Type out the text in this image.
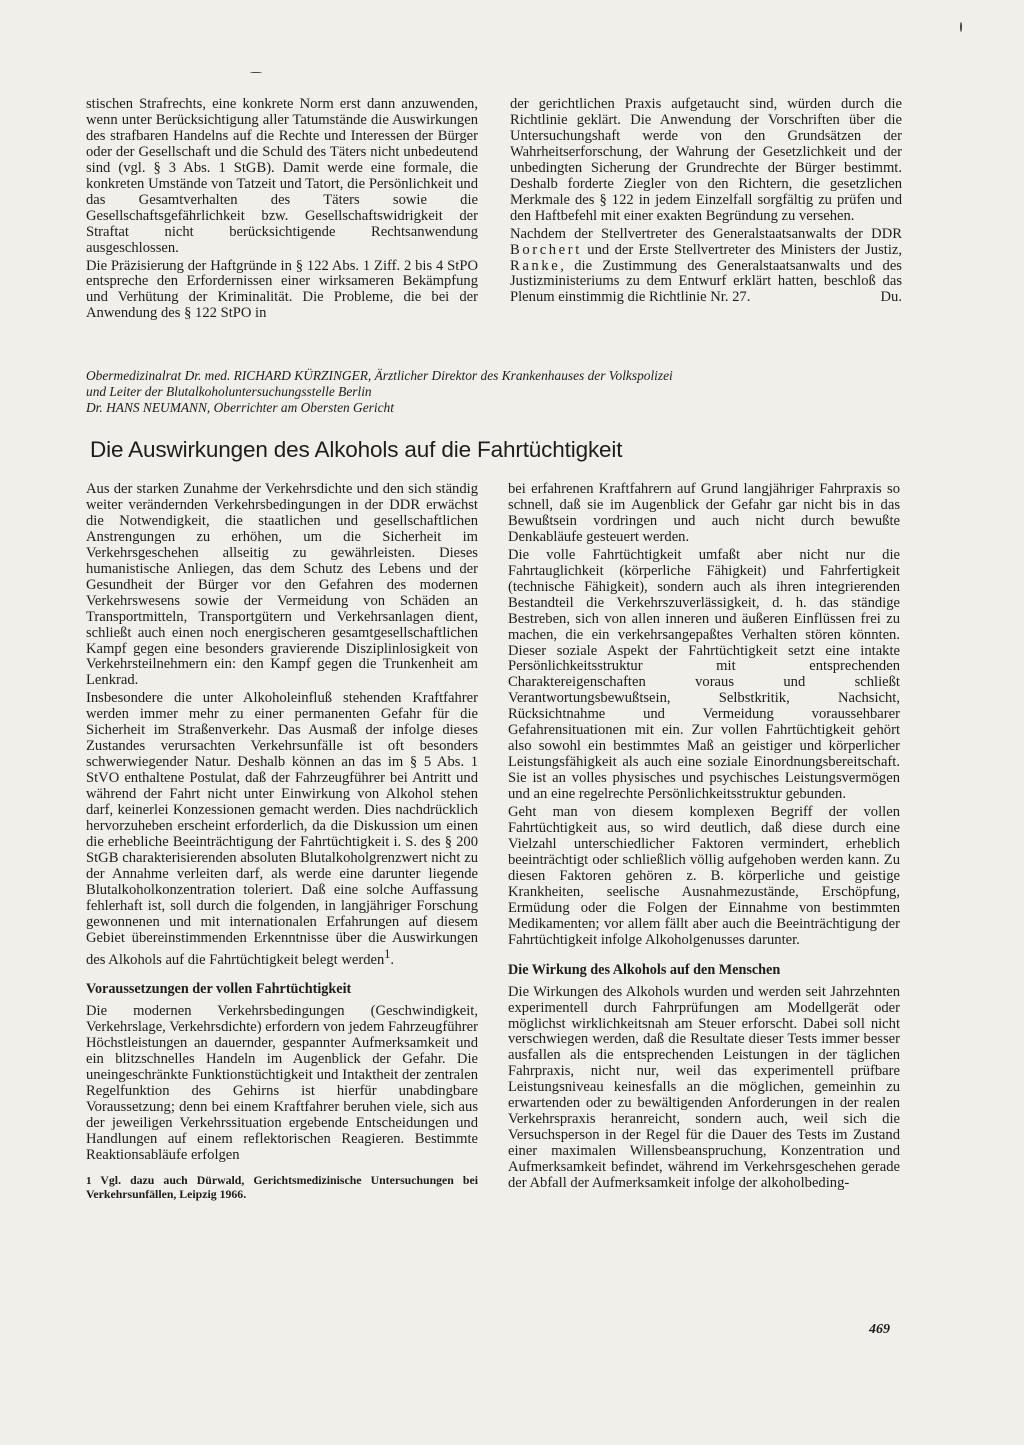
stischen Strafrechts, eine konkrete Norm erst dann anzuwenden, wenn unter Berücksichtigung aller Tatumstände die Auswirkungen des strafbaren Handelns auf die Rechte und Interessen der Bürger oder der Gesellschaft und die Schuld des Täters nicht unbedeutend sind (vgl. § 3 Abs. 1 StGB). Damit werde eine formale, die konkreten Umstände von Tatzeit und Tatort, die Persönlichkeit und das Gesamtverhalten des Täters sowie die Gesellschaftsgefährlichkeit bzw. Gesellschaftswidrigkeit der Straftat nicht berücksichtigende Rechtsanwendung ausgeschlossen.

Die Präzisierung der Haftgründe in § 122 Abs. 1 Ziff. 2 bis 4 StPO entspreche den Erfordernissen einer wirksameren Bekämpfung und Verhütung der Kriminalität. Die Probleme, die bei der Anwendung des § 122 StPO in

der gerichtlichen Praxis aufgetaucht sind, würden durch die Richtlinie geklärt. Die Anwendung der Vorschriften über die Untersuchungshaft werde von den Grundsätzen der Wahrheitserforschung, der Wahrung der Gesetzlichkeit und der unbedingten Sicherung der Grundrechte der Bürger bestimmt. Deshalb forderte Ziegler von den Richtern, die gesetzlichen Merkmale des § 122 in jedem Einzelfall sorgfältig zu prüfen und den Haftbefehl mit einer exakten Begründung zu versehen.

Nachdem der Stellvertreter des Generalstaatsanwalts der DDR Borchert und der Erste Stellvertreter des Ministers der Justiz, Ranke, die Zustimmung des Generalstaatsanwalts und des Justizministeriums zu dem Entwurf erklärt hatten, beschloß das Plenum einstimmig die Richtlinie Nr. 27.	Du.

Obermedizinalrat Dr. med. RICHARD KÜRZINGER, Ärztlicher Direktor des Krankenhauses der Volkspolizei
und Leiter der Blutalkoholuntersuchungsstelle Berlin
Dr. HANS NEUMANN, Oberrichter am Obersten Gericht
Die Auswirkungen des Alkohols auf die Fahrtüchtigkeit

Aus der starken Zunahme der Verkehrsdichte und den sich ständig weiter verändernden Verkehrsbedingungen in der DDR erwächst die Notwendigkeit, die staatlichen und gesellschaftlichen Anstrengungen zu erhöhen, um die Sicherheit im Verkehrsgeschehen allseitig zu gewährleisten. Dieses humanistische Anliegen, das dem Schutz des Lebens und der Gesundheit der Bürger vor den Gefahren des modernen Verkehrswesens sowie der Vermeidung von Schäden an Transportmitteln, Transportgütern und Verkehrsanlagen dient, schließt auch einen noch energischeren gesamtgesellschaftlichen Kampf gegen eine besonders gravierende Disziplinlosigkeit von Verkehrsteilnehmern ein: den Kampf gegen die Trunkenheit am Lenkrad.

Insbesondere die unter Alkoholeinfluß stehenden Kraftfahrer werden immer mehr zu einer permanenten Gefahr für die Sicherheit im Straßenverkehr. Das Ausmaß der infolge dieses Zustandes verursachten Verkehrsunfälle ist oft besonders schwerwiegender Natur. Deshalb können an das im § 5 Abs. 1 StVO enthaltene Postulat, daß der Fahrzeugführer bei Antritt und während der Fahrt nicht unter Einwirkung von Alkohol stehen darf, keinerlei Konzessionen gemacht werden. Dies nachdrücklich hervorzuheben erscheint erforderlich, da die Diskussion um einen die erhebliche Beeinträchtigung der Fahrtüchtigkeit i. S. des § 200 StGB charakterisierenden absoluten Blutalkoholgrenzwert nicht zu der Annahme verleiten darf, als werde eine darunter liegende Blutalkoholkonzentration toleriert. Daß eine solche Auffassung fehlerhaft ist, soll durch die folgenden, in langjähriger Forschung gewonnenen und mit internationalen Erfahrungen auf diesem Gebiet übereinstimmenden Erkenntnisse über die Auswirkungen des Alkohols auf die Fahrtüchtigkeit belegt werden$^1$.

Voraussetzungen der vollen Fahrtüchtigkeit

Die modernen Verkehrsbedingungen (Geschwindigkeit, Verkehrslage, Verkehrsdichte) erfordern von jedem Fahrzeugführer Höchstleistungen an dauernder, gespannter Aufmerksamkeit und ein blitzschnelles Handeln im Augenblick der Gefahr. Die uneingeschränkte Funktionstüchtigkeit und Intaktheit der zentralen Regelfunktion des Gehirns ist hierfür unabdingbare Voraussetzung; denn bei einem Kraftfahrer beruhen viele, sich aus der jeweiligen Verkehrssituation ergebende Entscheidungen und Handlungen auf einem reflektorischen Reagieren. Bestimmte Reaktionsabläufe erfolgen

1 Vgl. dazu auch Dürwald, Gerichtsmedizinische Untersuchungen bei Verkehrsunfällen, Leipzig 1966.

bei erfahrenen Kraftfahrern auf Grund langjähriger Fahrpraxis so schnell, daß sie im Augenblick der Gefahr gar nicht bis in das Bewußtsein vordringen und auch nicht durch bewußte Denkabläufe gesteuert werden.

Die volle Fahrtüchtigkeit umfaßt aber nicht nur die Fahrtauglichkeit (körperliche Fähigkeit) und Fahrfertigkeit (technische Fähigkeit), sondern auch als ihren integrierenden Bestandteil die Verkehrszuverlässigkeit, d. h. das ständige Bestreben, sich von allen inneren und äußeren Einflüssen frei zu machen, die ein verkehrsangepaßtes Verhalten stören könnten. Dieser soziale Aspekt der Fahrtüchtigkeit setzt eine intakte Persönlichkeitsstruktur mit entsprechenden Charaktereigenschaften voraus und schließt Verantwortungsbewußtsein, Selbstkritik, Nachsicht, Rücksichtnahme und Vermeidung voraussehbarer Gefahrensituationen mit ein. Zur vollen Fahrtüchtigkeit gehört also sowohl ein bestimmtes Maß an geistiger und körperlicher Leistungsfähigkeit als auch eine soziale Einordnungsbereitschaft. Sie ist an volles physisches und psychisches Leistungsvermögen und an eine regelrechte Persönlichkeitsstruktur gebunden.

Geht man von diesem komplexen Begriff der vollen Fahrtüchtigkeit aus, so wird deutlich, daß diese durch eine Vielzahl unterschiedlicher Faktoren vermindert, erheblich beeinträchtigt oder schließlich völlig aufgehoben werden kann. Zu diesen Faktoren gehören z. B. körperliche und geistige Krankheiten, seelische Ausnahmezustände, Erschöpfung, Ermüdung oder die Folgen der Einnahme von bestimmten Medikamenten; vor allem fällt aber auch die Beeinträchtigung der Fahrtüchtigkeit infolge Alkoholgenusses darunter.

Die Wirkung des Alkohols auf den Menschen

Die Wirkungen des Alkohols wurden und werden seit Jahrzehnten experimentell durch Fahrprüfungen am Modellgerät oder möglichst wirklichkeitsnah am Steuer erforscht. Dabei soll nicht verschwiegen werden, daß die Resultate dieser Tests immer besser ausfallen als die entsprechenden Leistungen in der täglichen Fahrpraxis, nicht nur, weil das experimentell prüfbare Leistungsniveau keinesfalls an die möglichen, gemeinhin zu erwartenden oder zu bewältigenden Anforderungen in der realen Verkehrspraxis heranreicht, sondern auch, weil sich die Versuchsperson in der Regel für die Dauer des Tests im Zustand einer maximalen Willensbeanspruchung, Konzentration und Aufmerksamkeit befindet, während im Verkehrsgeschehen gerade der Abfall der Aufmerksamkeit infolge der alkoholbeding-

469
